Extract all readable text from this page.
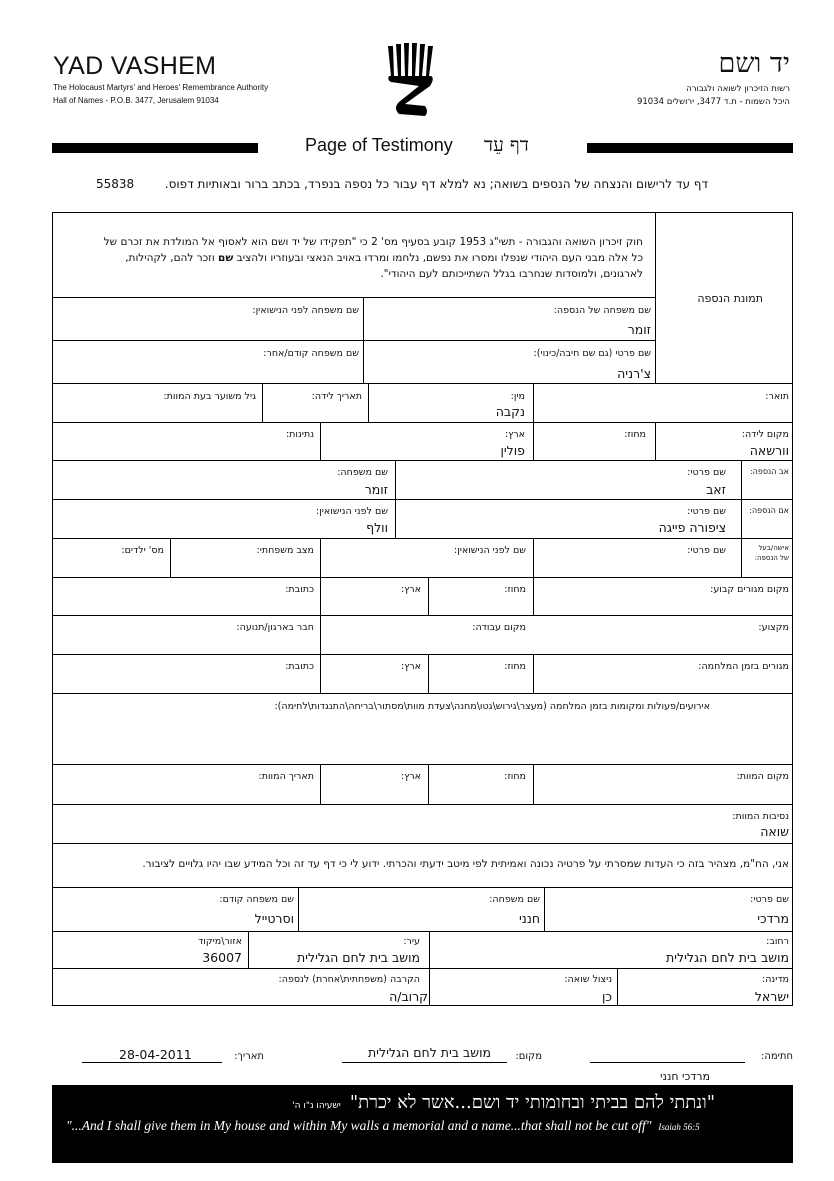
YAD VASHEM
The Holocaust Martyrs' and Heroes' Remembrance Authority
Hall of Names - P.O.B. 3477, Jerusalem 91034
יד ושם
רשות הזיכרון לשואה ולגבורה
היכל השמות - ת.ד 3477, ירושלים 91034
Page of Testimony דף עֵד
דף עד לרישום והנצחה של הנספים בשואה; נא למלא דף עבור כל נספה בנפרד, בכתב ברור ובאותיות דפוס.
55838
חוק זיכרון השואה והגבורה - תשי"ג 1953 קובע בסעיף מס' 2 כי "תפקידו של יד ושם הוא לאסוף אל המולדת את זכרם של
כל אלה מבני העם היהודי שנפלו ומסרו את נפשם, נלחמו ומרדו באויב הנאצי ובעוזריו ולהציב שם וזכר להם, לקהילות,
לארגונים, ולמוסדות שנחרבו בגלל השתייכותם לעם היהודי".
תמונת הנספה
שם משפחה של הנספה:
זומר
שם משפחה לפני הנישואין:
שם פרטי (גם שם חיבה/כינוי):
צ'רניה
שם משפחה קודם/אחר:
תואר:
מין:
נקבה
תאריך לידה:
גיל משוער בעת המוות:
מקום לידה:
וורשאה
מחוז:
ארץ:
פולין
נתינות:
אב הנספה:
שם פרטי:
זאב
שם משפחה:
זומר
אם הנספה:
שם פרטי:
ציפורה פייגה
שם לפני הנישואין:
וולף
אישה/בעל
של הנספה:
שם פרטי:
שם לפני הנישואין:
מצב משפחתי:
מס' ילדים:
מקום מגורים קבוע:
מחוז:
ארץ:
כתובת:
מקצוע:
מקום עבודה:
חבר בארגון/תנועה:
מגורים בזמן המלחמה:
מחוז:
ארץ:
כתובת:
אירועים/פעולות ומקומות בזמן המלחמה (מעצר\גירוש\גטו\מחנה\צעדת מוות\מסתור\בריחה\התנגדות\לחימה):
מקום המוות:
מחוז:
ארץ:
תאריך המוות:
נסיבות המוות:
שואה
אני, הח"מ, מצהיר בזה כי העדות שמסרתי על פרטיה נכונה ואמיתית לפי מיטב ידעתי והכרתי. ידוע לי כי דף עד זה וכל המידע שבו יהיו גלויים לציבור.
שם פרטי:
מרדכי
שם משפחה:
חנני
שם משפחה קודם:
וסרטייל
רחוב:
מושב בית לחם הגלילית
עיר:
מושב בית לחם הגלילית
אזור\מיקוד
36007
מדינה:
ישראל
ניצול שואה:
כן
הקרבה (משפחתית\אחרת) לנספה:
קרוב/ה
חתימה:
מרדכי חנני
מקום:
מושב בית לחם הגלילית
תאריך:
28-04-2011
"ונתתי להם בביתי ובחומותי יד ושם...אשר לא יכרת" ישעיהו נ"ו ה'
"...And I shall give them in My house and within My walls a memorial and a name...that shall not be cut off" Isaiah 56:5
